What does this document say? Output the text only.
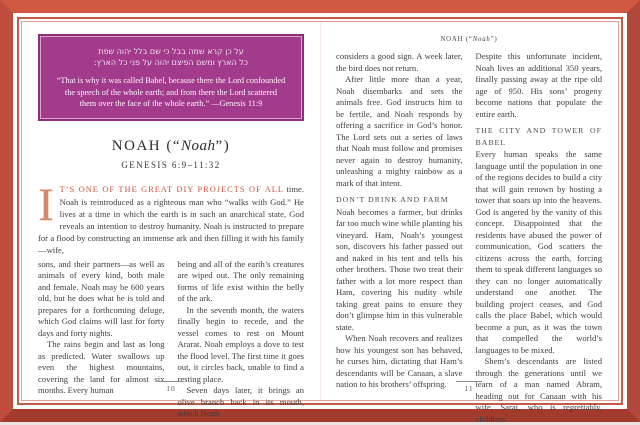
על כן קרא שמה בבל כי שם בלל יהוה שפת
כל הארץ ומשם הפיצם יהוה על פני כל הארץ:
“That is why it was called Babel, because there the Lord confounded the speech of the whole earth; and from there the Lord scattered them over the face of the whole earth.” —Genesis 11:9
NOAH (“Noah”)
GENESIS 6:9–11:32

I T’S ONE OF THE GREAT DIY PROJECTS OF ALL time. Noah is reintroduced as a righteous man who “walks with God.” He lives at a time in which the earth is in such an anarchical state, God reveals an intention to destroy humanity. Noah is instructed to prepare for a flood by constructing an immense ark and then filling it with his family—wife,

sons, and their partners—as well as animals of every kind, both male and female. Noah may be 600 years old, but he does what he is told and prepares for a forthcoming deluge, which God claims will last for forty days and forty nights.

The rains begin and last as long as predicted. Water swallows up even the highest mountains, covering the land for almost six months. Every human

being and all of the earth’s creatures are wiped out. The only remaining forms of life exist within the belly of the ark.

In the seventh month, the waters finally begin to recede, and the vessel comes to rest on Mount Ararat. Noah employs a dove to test the flood level. The first time it goes out, it circles back, unable to find a resting place.

Seven days later, it brings an olive branch back in its mouth, which Noah

10
NOAH (“Noah”)

considers a good sign. A week later, the bird does not return.

After little more than a year, Noah disembarks and sets the animals free. God instructs him to be fertile, and Noah responds by offering a sacrifice in God’s honor. The Lord sets out a series of laws that Noah must follow and promises never again to destroy humanity, unleashing a mighty rainbow as a mark of that intent.

DON’T DRINK AND FARM

Noah becomes a farmer, but drinks far too much wine while planting his vineyard. Ham, Noah’s youngest son, discovers his father passed out and naked in his tent and tells his other brothers. Those two treat their father with a lot more respect than Ham, covering his nudity while taking great pains to ensure they don’t glimpse him in this vulnerable state.

When Noah recovers and realizes how his youngest son has behaved, he curses him, dictating that Ham’s descendants will be Canaan, a slave nation to his brothers’ offspring.

Despite this unfortunate incident, Noah lives an additional 350 years, finally passing away at the ripe old age of 950. His sons’ progeny become nations that populate the entire earth.

THE CITY AND TOWER OF BABEL

Every human speaks the same language until the population in one of the regions decides to build a city that will gain renown by hosting a tower that soars up into the heavens. God is angered by the vanity of this concept. Disappointed that the residents have abused the power of communication, God scatters the citizens across the earth, forcing them to speak different languages so they can no longer automatically understand one another. The building project ceases, and God calls the place Babel, which would become a pun, as it was the town that compelled the world’s languages to be mixed.

Shem’s descendants are listed through the generations until we learn of a man named Abram, heading out for Canaan with his wife, Sarai, who is regrettably, childless.

11
